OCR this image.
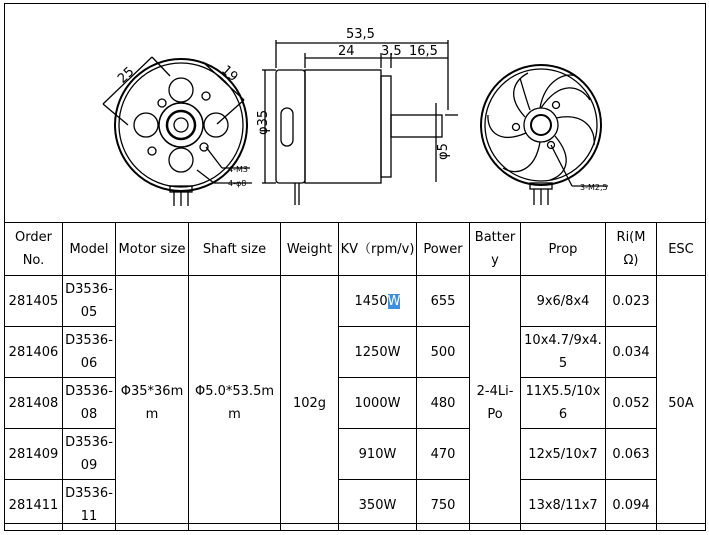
25	19
4-M3
4-φ8
53,5
24 3,5 16,5
φ35
φ5
3-M2,5
Order No.	Model	Motor size	Shaft size	Weight	KV（rpm/v)	Power	Battery	Prop	Ri(M Ω)	ESC
281405	D3536-05	Φ35*36mm	Φ5.0*53.5mm	102g	1450W	655	2-4Li-Po	9x6/8x4	0.023	50A
281406	D3536-06				1250W	500		10x4.7/9x4.5	0.034	
281408	D3536-08				1000W	480		11X5.5/10x6	0.052	
281409	D3536-09				910W	470		12x5/10x7	0.063	
281411	D3536-11				350W	750		13x8/11x7	0.094	
